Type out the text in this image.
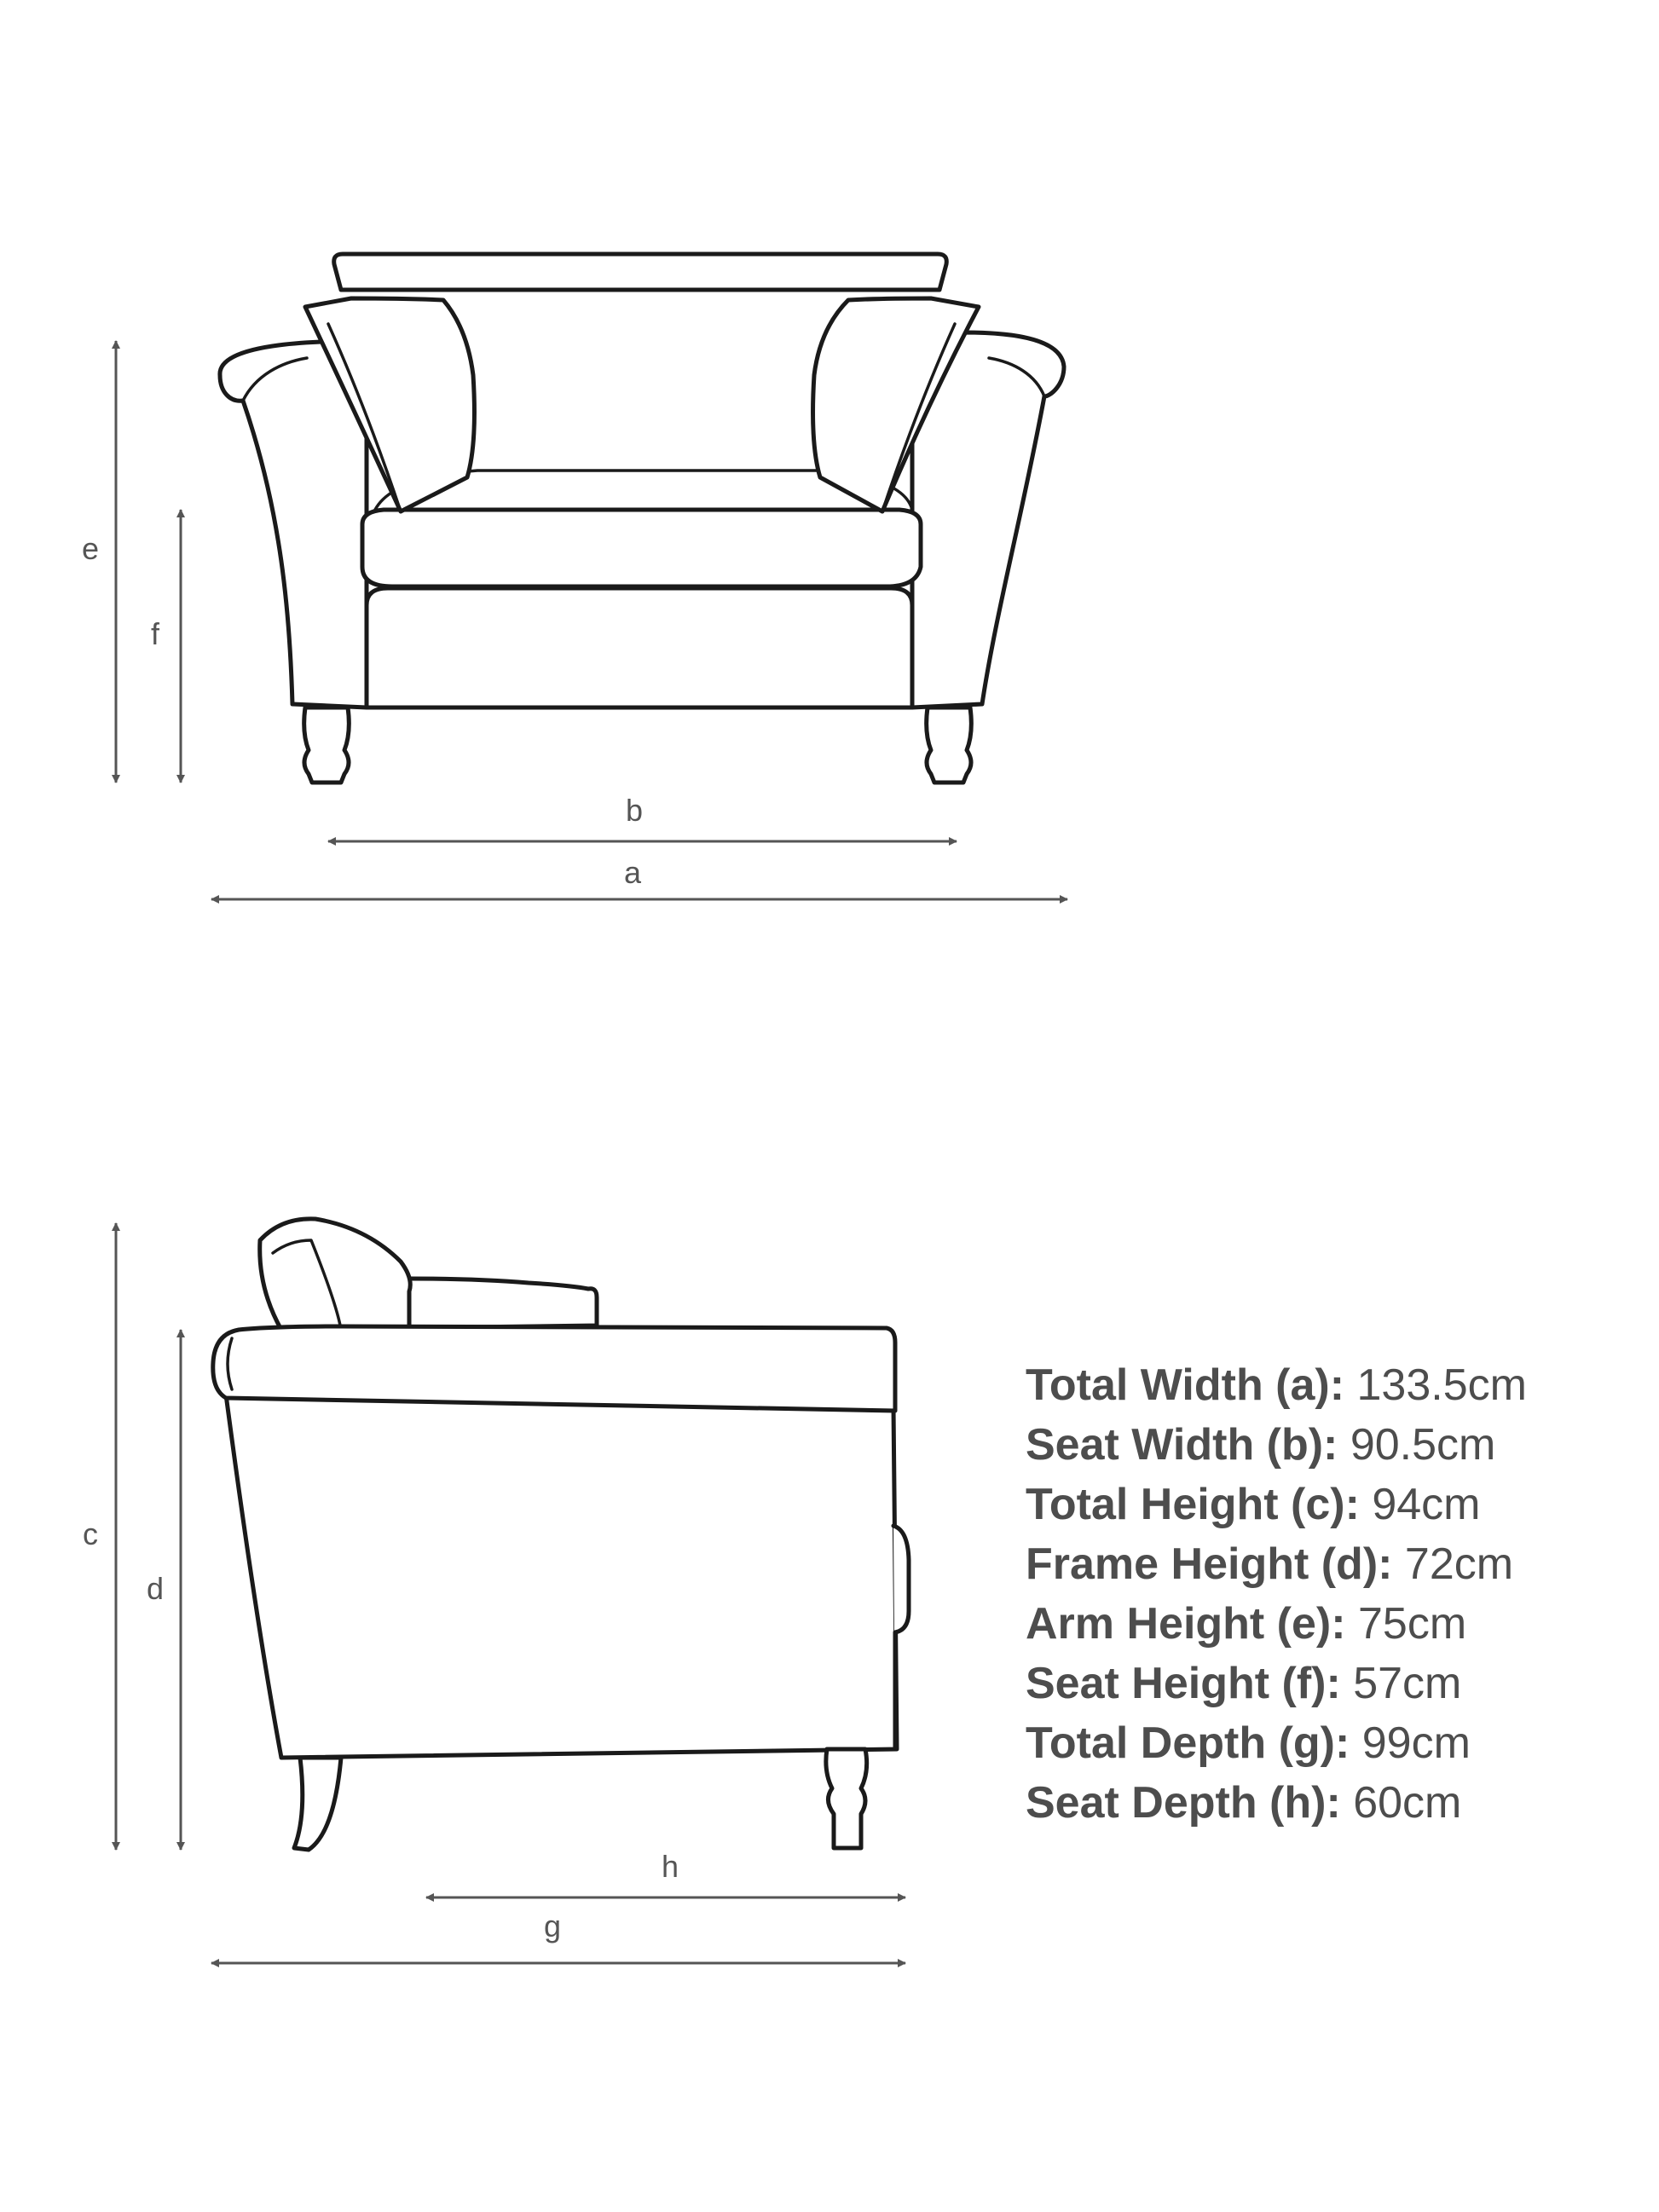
e
f
b
a
c
d
h
g
Total Width (a): 133.5cm
Seat Width (b): 90.5cm
Total Height (c): 94cm
Frame Height (d): 72cm
Arm Height (e): 75cm
Seat Height (f): 57cm
Total Depth (g): 99cm
Seat Depth (h): 60cm
